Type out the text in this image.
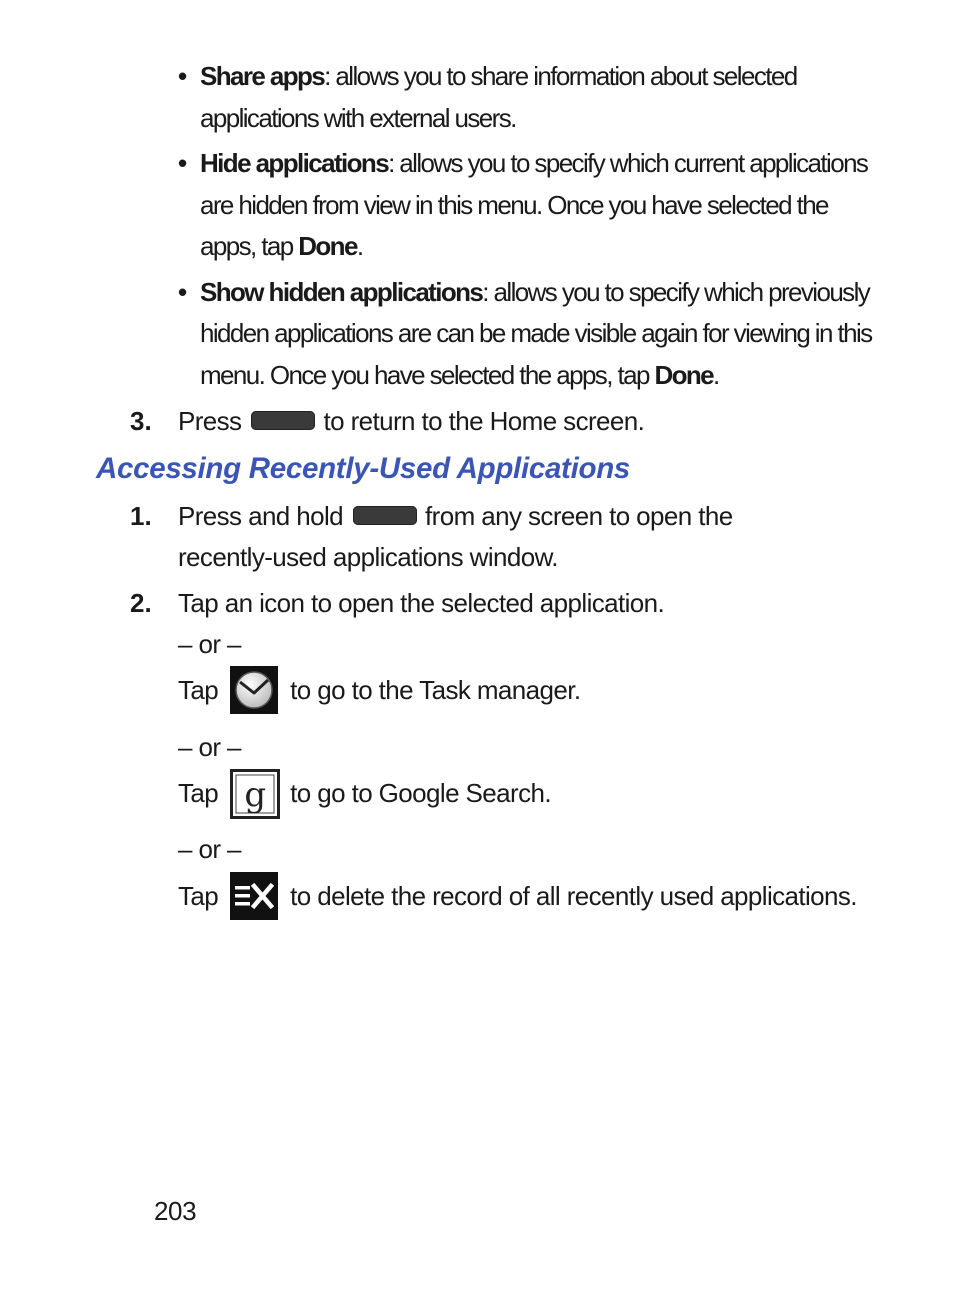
• Share apps: allows you to share information about selected applications with external users.
• Hide applications: allows you to specify which current applications are hidden from view in this menu. Once you have selected the apps, tap Done.
• Show hidden applications: allows you to specify which previously hidden applications are can be made visible again for viewing in this menu. Once you have selected the apps, tap Done.
3. Press	to return to the Home screen.
Accessing Recently-Used Applications
1. Press and hold	from any screen to open the recently-used applications window.
2. Tap an icon to open the selected application.
– or –
Tap	to go to the Task manager.
– or –
Tap g to go to Google Search.
– or –
Tap	to delete the record of all recently used applications.
203
